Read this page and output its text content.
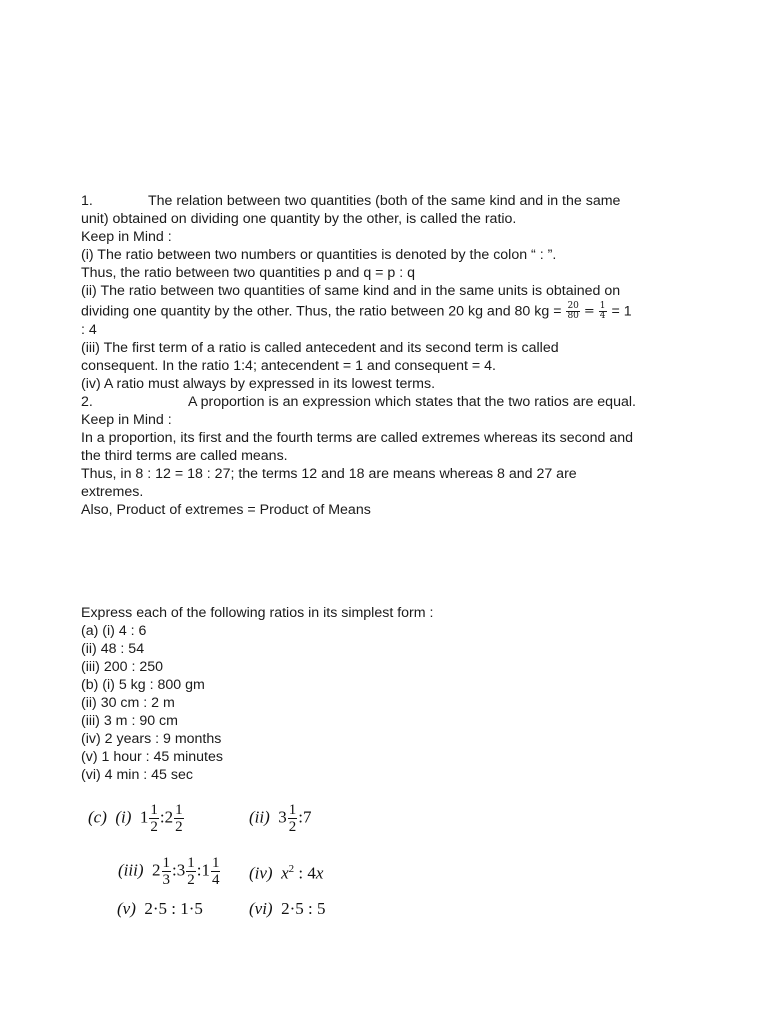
1.	The relation between two quantities (both of the same kind and in the same
unit) obtained on dividing one quantity by the other, is called the ratio.
Keep in Mind :
(i) The ratio between two numbers or quantities is denoted by the colon “ : ”.
Thus, the ratio between two quantities p and q = p : q
(ii) The ratio between two quantities of same kind and in the same units is obtained on
dividing one quantity by the other. Thus, the ratio between 20 kg and 80 kg = $\frac{20}{80} = \frac{1}{4} = 1$
: 4
(iii) The first term of a ratio is called antecedent and its second term is called
consequent. In the ratio 1:4; antecendent = 1 and consequent = 4.
(iv) A ratio must always by expressed in its lowest terms.
2.	A proportion is an expression which states that the two ratios are equal.
Keep in Mind :
In a proportion, its first and the fourth terms are called extremes whereas its second and
the third terms are called means.
Thus, in 8 : 12 = 18 : 27; the terms 12 and 18 are means whereas 8 and 27 are
extremes.
Also, Product of extremes = Product of Means
Express each of the following ratios in its simplest form :
(a) (i) 4 : 6
(ii) 48 : 54
(iii) 200 : 250
(b) (i) 5 kg : 800 gm
(ii) 30 cm : 2 m
(iii) 3 m : 90 cm
(iv) 2 years : 9 months
(v) 1 hour : 45 minutes
(vi) 4 min : 45 sec
(c) (i) $1 \frac{1}{2}$ :2 $\frac{1}{2}$	(ii) $3 \frac{1}{2}$ :7
(iii) $2 \frac{1}{3}$ :3 $\frac{1}{2}$ :1 $\frac{1}{4} (iv)$ $x^2$ : 4x
(v) 2·5 : 1·5	(vi) 2·5 : 5
